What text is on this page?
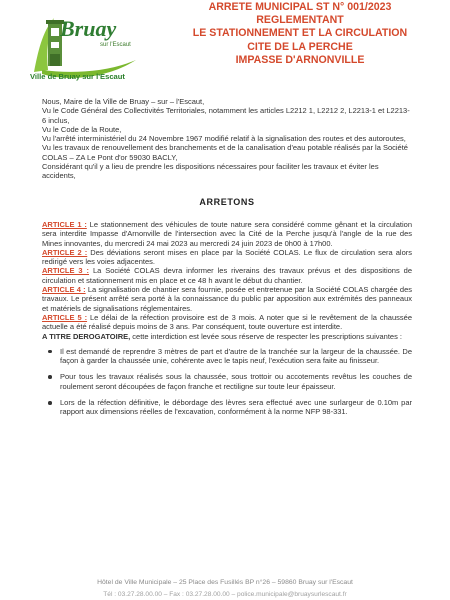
Bruay
sur l'Escaut
Ville de Bruay sur l'Escaut
ARRETE MUNICIPAL ST N° 001/2023
REGLEMENTANT
LE STATIONNEMENT ET LA CIRCULATION
CITE DE LA PERCHE
IMPASSE D'ARNONVILLE

Nous, Maire de la Ville de Bruay – sur – l'Escaut,

Vu le Code Général des Collectivités Territoriales, notamment les articles L2212 1, L2212 2, L2213-1 et L2213-6 inclus,

Vu le Code de la Route,

Vu l'arrêté interministériel du 24 Novembre 1967 modifié relatif à la signalisation des routes et des autoroutes,

Vu les travaux de renouvellement des branchements et de la canalisation d'eau potable réalisés par la Société COLAS – ZA Le Pont d'or 59030 BACLY,

Considérant qu'il y a lieu de prendre les dispositions nécessaires pour faciliter les travaux et éviter les accidents,

ARRETONS

ARTICLE 1 : Le stationnement des véhicules de toute nature sera considéré comme gênant et la circulation sera interdite Impasse d'Arnonville de l'intersection avec la Cité de la Perche jusqu'à l'angle de la rue des Mines innovantes, du mercredi 24 mai 2023 au mercredi 24 juin 2023 de 0h00 à 17h00.

ARTICLE 2 : Des déviations seront mises en place par la Société COLAS. Le flux de circulation sera alors redirigé vers les voies adjacentes.

ARTICLE 3 : La Société COLAS devra informer les riverains des travaux prévus et des dispositions de circulation et stationnement mis en place et ce 48 h avant le début du chantier.

ARTICLE 4 : La signalisation de chantier sera fournie, posée et entretenue par la Société COLAS chargée des travaux. Le présent arrêté sera porté à la connaissance du public par apposition aux extrémités des panneaux et matériels de signalisations réglementaires.

ARTICLE 5 : Le délai de la réfection provisoire est de 3 mois. A noter que si le revêtement de la chaussée actuelle a été réalisé depuis moins de 3 ans. Par conséquent, toute ouverture est interdite.

A TITRE DEROGATOIRE, cette interdiction est levée sous réserve de respecter les prescriptions suivantes :

Il est demandé de reprendre 3 mètres de part et d'autre de la tranchée sur la largeur de la chaussée. De façon à garder la chaussée unie, cohérente avec le tapis neuf, l'exécution sera faite au finisseur.
Pour tous les travaux réalisés sous la chaussée, sous trottoir ou accotements revêtus les couches de roulement seront découpées de façon franche et rectiligne sur toute leur épaisseur.
Lors de la réfection définitive, le débordage des lèvres sera effectué avec une surlargeur de 0.10m par rapport aux dimensions réelles de l'excavation, conformément à la norme NFP 98-331.
Hôtel de Ville Municipale – 25 Place des Fusillés BP n°26 – 59860 Bruay sur l'Escaut
Tél : 03.27.28.00.00 – Fax : 03.27.28.00.00 – police.municipale@bruaysurlescaut.fr
